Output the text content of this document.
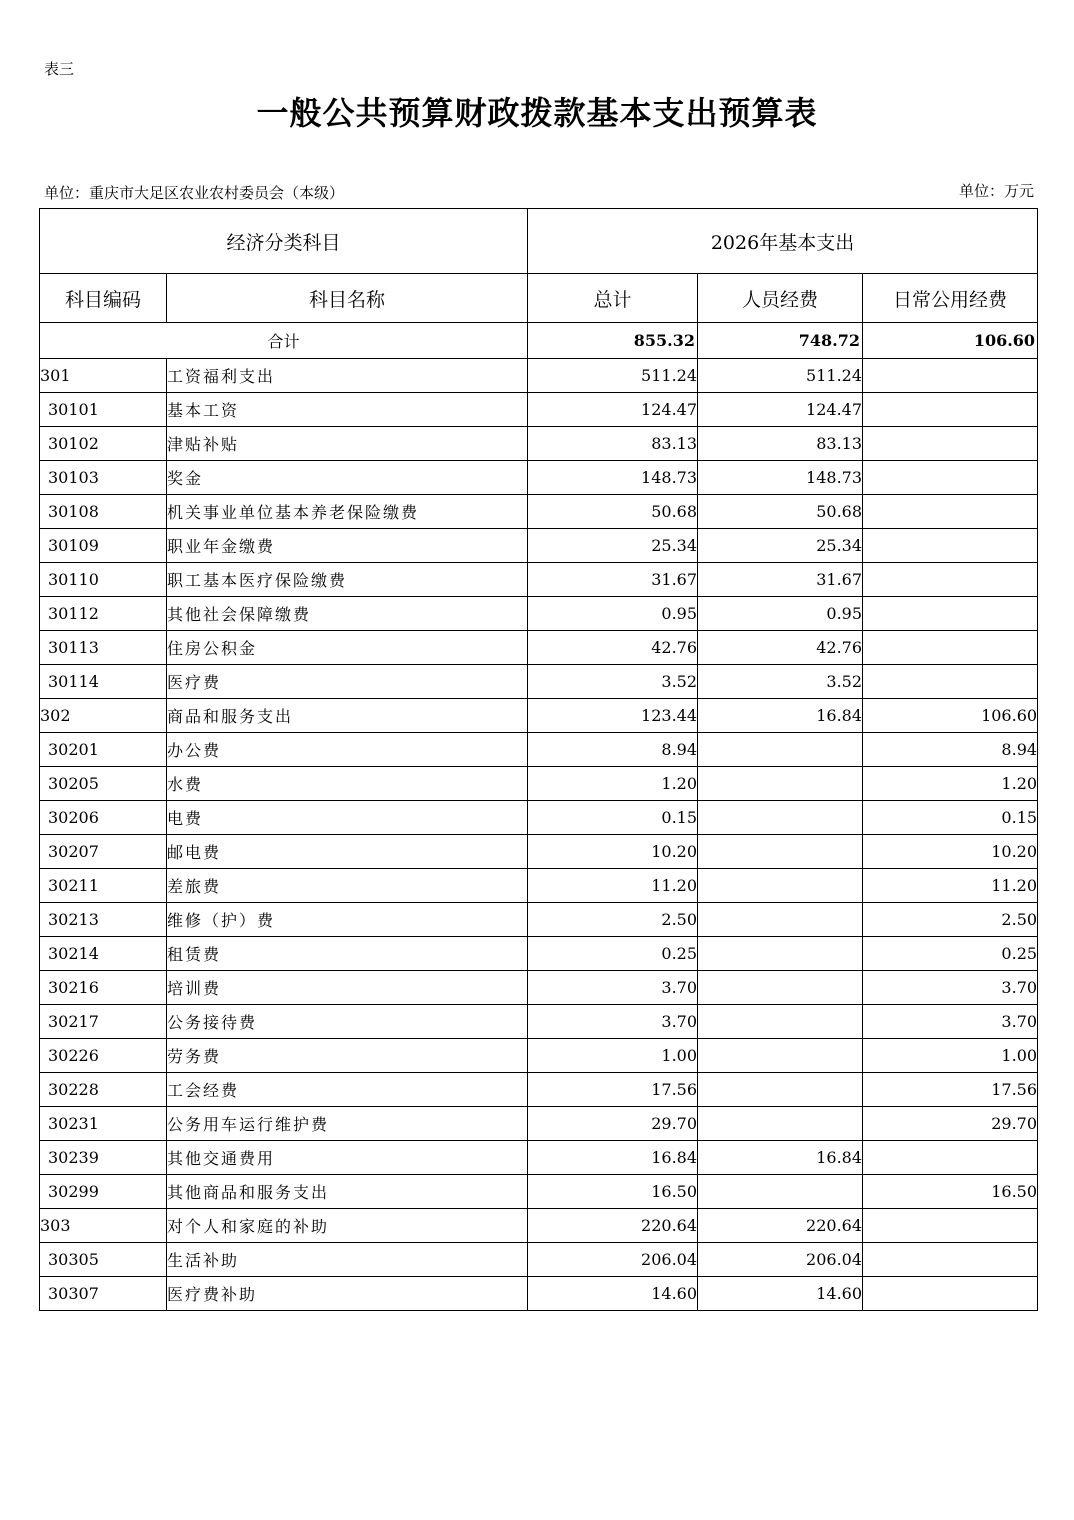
表三
一般公共预算财政拨款基本支出预算表
单位：重庆市大足区农业农村委员会（本级）	单位：万元
经济分类科目		2026年基本支出		
科目编码	科目名称	总计	人员经费	日常公用经费
合计		855.32	748.72	106.60
301	工资福利支出	511.24	511.24	
30101	基本工资	124.47	124.47	
30102	津贴补贴	83.13	83.13	
30103	奖金	148.73	148.73	
30108	机关事业单位基本养老保险缴费	50.68	50.68	
30109	职业年金缴费	25.34	25.34	
30110	职工基本医疗保险缴费	31.67	31.67	
30112	其他社会保障缴费	0.95	0.95	
30113	住房公积金	42.76	42.76	
30114	医疗费	3.52	3.52	
302	商品和服务支出	123.44	16.84	106.60
30201	办公费	8.94		8.94
30205	水费	1.20		1.20
30206	电费	0.15		0.15
30207	邮电费	10.20		10.20
30211	差旅费	11.20		11.20
30213	维修（护）费	2.50		2.50
30214	租赁费	0.25		0.25
30216	培训费	3.70		3.70
30217	公务接待费	3.70		3.70
30226	劳务费	1.00		1.00
30228	工会经费	17.56		17.56
30231	公务用车运行维护费	29.70		29.70
30239	其他交通费用	16.84	16.84	
30299	其他商品和服务支出	16.50		16.50
303	对个人和家庭的补助	220.64	220.64	
30305	生活补助	206.04	206.04	
30307	医疗费补助	14.60	14.60	
